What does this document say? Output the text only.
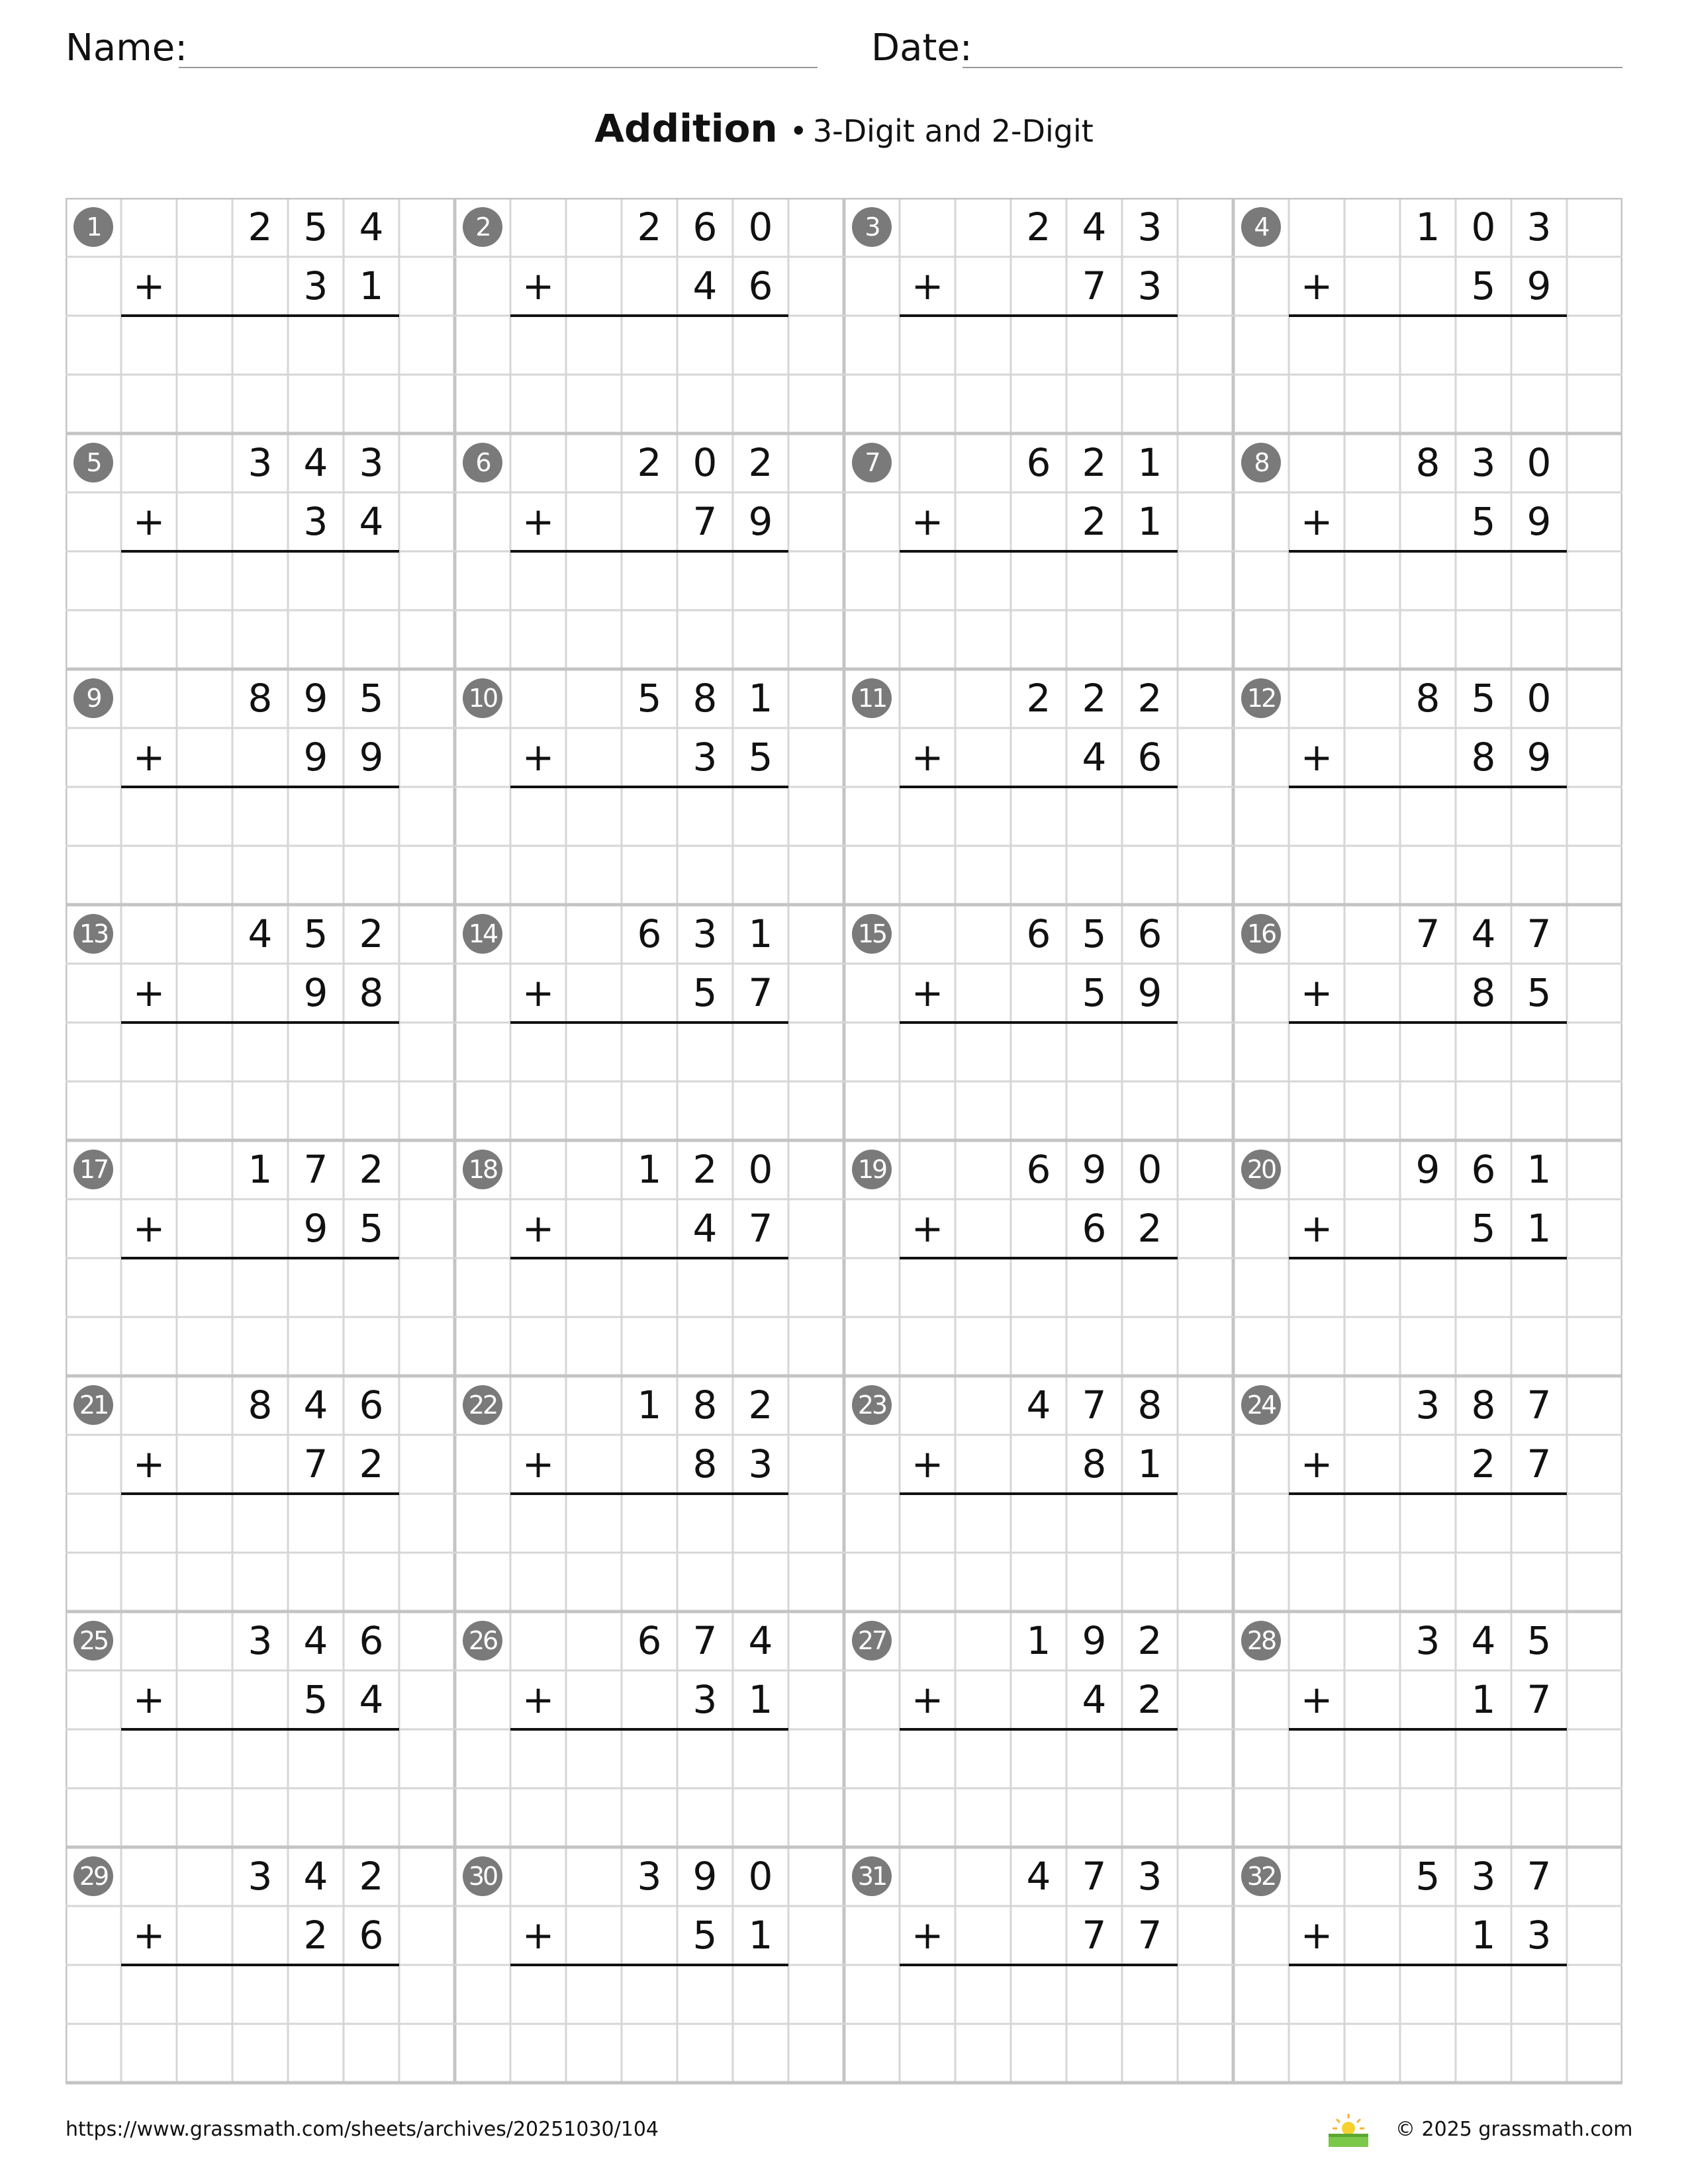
Name:	Date:
Addition • 3-Digit and 2-Digit
1	2 5 4
3 1
+
2	2 6 0
4 6
+
3	2 4 3
7 3
+
4	1 0 3
5 9
+
5	3 4 3
3 4
+
6	2 0 2
7 9
+
7	6 2 1
2 1
+
8	8 3 0
5 9
+
9	8 9 5
9 9
+
10	5 8 1
3 5
+
11	2 2 2
4 6
+
12	8 5 0
8 9
+
13	4 5 2
9 8
+
14	6 3 1
5 7
+
15	6 5 6
5 9
+
16	7 4 7
8 5
+
17	1 7 2
9 5
+
18	1 2 0
4 7
+
19	6 9 0
6 2
+
20	9 6 1
5 1
+
21	8 4 6
7 2
+
22	1 8 2
8 3
+
23	4 7 8
8 1
+
24	3 8 7
2 7
+
25	3 4 6
5 4
+
26	6 7 4
3 1
+
27	1 9 2
4 2
+
28	3 4 5
1 7
+
29	3 4 2
2 6
+
30	3 9 0
5 1
+
31	4 7 3
7 7
+
32	5 3 7
1 3
+
https://www.grassmath.com/sheets/archives/20251030/104	© 2025 grassmath.com
